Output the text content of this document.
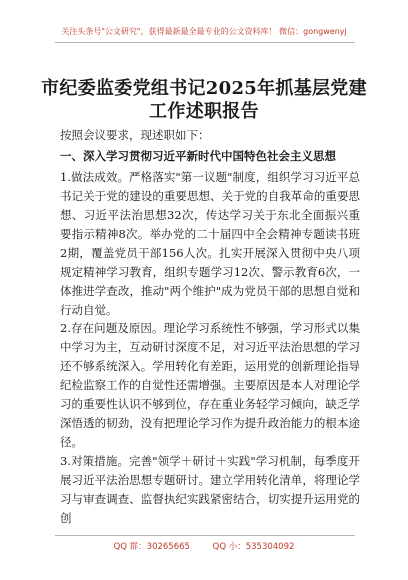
关注头条号"公文研究"，获得最新最全最专业的公文资料库！ 微信：gongwenyj
市纪委监委党组书记2025年抓基层党建
工作述职报告

按照会议要求，现述职如下：

一、深入学习贯彻习近平新时代中国特色社会主义思想

1.做法成效。严格落实"第一议题"制度，组织学习习近平总书记关于党的建设的重要思想、关于党的自我革命的重要思想、习近平法治思想32次，传达学习关于东北全面振兴重要指示精神8次。举办党的二十届四中全会精神专题读书班2期，覆盖党员干部156人次。扎实开展深入贯彻中央八项规定精神学习教育，组织专题学习12次、警示教育6次，一体推进学查改，推动"两个维护"成为党员干部的思想自觉和行动自觉。

2.存在问题及原因。理论学习系统性不够强，学习形式以集中学习为主，互动研讨深度不足，对习近平法治思想的学习还不够系统深入。学用转化有差距，运用党的创新理论指导纪检监察工作的自觉性还需增强。主要原因是本人对理论学习的重要性认识不够到位，存在重业务轻学习倾向，缺乏学深悟透的韧劲，没有把理论学习作为提升政治能力的根本途径。

3.对策措施。完善"领学＋研讨＋实践"学习机制，每季度开展习近平法治思想专题研讨。建立学用转化清单，将理论学习与审查调查、监督执纪实践紧密结合，切实提升运用党的创

QQ 群：30265665	QQ 小：535304092
